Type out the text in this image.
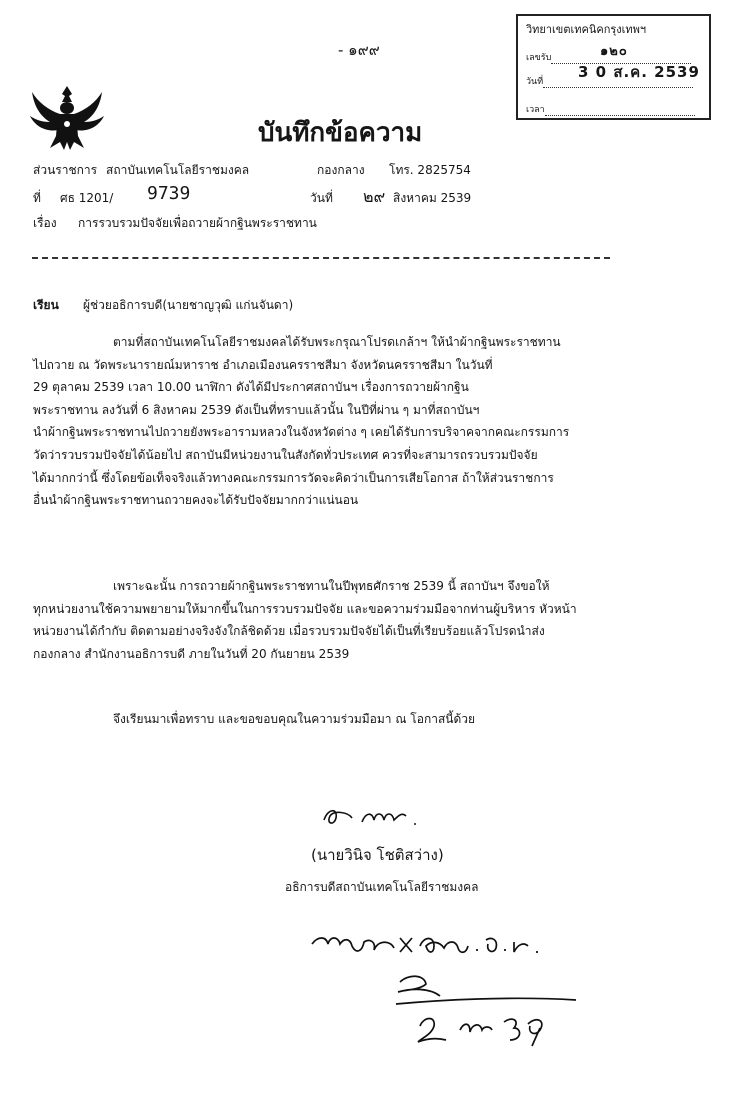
- ๑๙๙
วิทยาเขตเทคนิคกรุงเทพฯ
เลขรับ	๑๒๐
วันที่
3 0 ส.ค. 2539
เวลา
บันทึกข้อความ
ส่วนราชการ สถาบันเทคโนโลยีราชมงคล	กองกลาง โทร. 2825754
ที่ ศธ 1201/ 9739	วันที่ ๒๙ สิงหาคม 2539
เรื่อง การรวบรวมปัจจัยเพื่อถวายผ้ากฐินพระราชทาน
เรียน ผู้ช่วยอธิการบดี(นายชาญวุฒิ แก่นจันดา)
ตามที่สถาบันเทคโนโลยีราชมงคลได้รับพระกรุณาโปรดเกล้าฯ ให้นำผ้ากฐินพระราชทาน
ไปถวาย ณ วัดพระนารายณ์มหาราช อำเภอเมืองนครราชสีมา จังหวัดนครราชสีมา ในวันที่
29 ตุลาคม 2539 เวลา 10.00 นาฬิกา ดังได้มีประกาศสถาบันฯ เรื่องการถวายผ้ากฐิน
พระราชทาน ลงวันที่ 6 สิงหาคม 2539 ดังเป็นที่ทราบแล้วนั้น ในปีที่ผ่าน ๆ มาที่สถาบันฯ
นำผ้ากฐินพระราชทานไปถวายยังพระอารามหลวงในจังหวัดต่าง ๆ เคยได้รับการบริจาคจากคณะกรรมการ
วัดว่ารวบรวมปัจจัยได้น้อยไป สถาบันมีหน่วยงานในสังกัดทั่วประเทศ ควรที่จะสามารถรวบรวมปัจจัย
ได้มากกว่านี้ ซึ่งโดยข้อเท็จจริงแล้วทางคณะกรรมการวัดจะคิดว่าเป็นการเสียโอกาส ถ้าให้ส่วนราชการ
อื่นนำผ้ากฐินพระราชทานถวายคงจะได้รับปัจจัยมากกว่าแน่นอน
เพราะฉะนั้น การถวายผ้ากฐินพระราชทานในปีพุทธศักราช 2539 นี้ สถาบันฯ จึงขอให้
ทุกหน่วยงานใช้ความพยายามให้มากขึ้นในการรวบรวมปัจจัย และขอความร่วมมือจากท่านผู้บริหาร หัวหน้า
หน่วยงานได้กำกับ ติดตามอย่างจริงจังใกล้ชิดด้วย เมื่อรวบรวมปัจจัยได้เป็นที่เรียบร้อยแล้วโปรดนำส่ง
กองกลาง สำนักงานอธิการบดี ภายในวันที่ 20 กันยายน 2539
จึงเรียนมาเพื่อทราบ และขอขอบคุณในความร่วมมือมา ณ โอกาสนี้ด้วย
(นายวินิจ โชติสว่าง)
อธิการบดีสถาบันเทคโนโลยีราชมงคล
